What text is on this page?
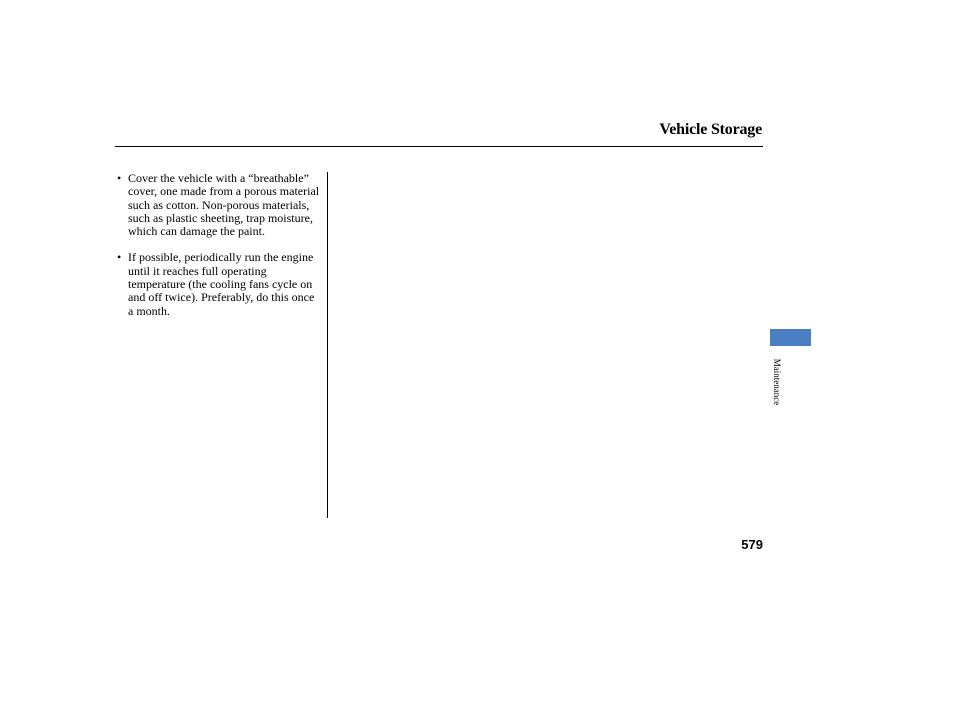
Vehicle Storage
• Cover the vehicle with a “breathable” cover, one made from a porous material such as cotton. Non-porous materials, such as plastic sheeting, trap moisture, which can damage the paint.
• If possible, periodically run the engine until it reaches full operating temperature (the cooling fans cycle on and off twice). Preferably, do this once a month.
Maintenance
579
